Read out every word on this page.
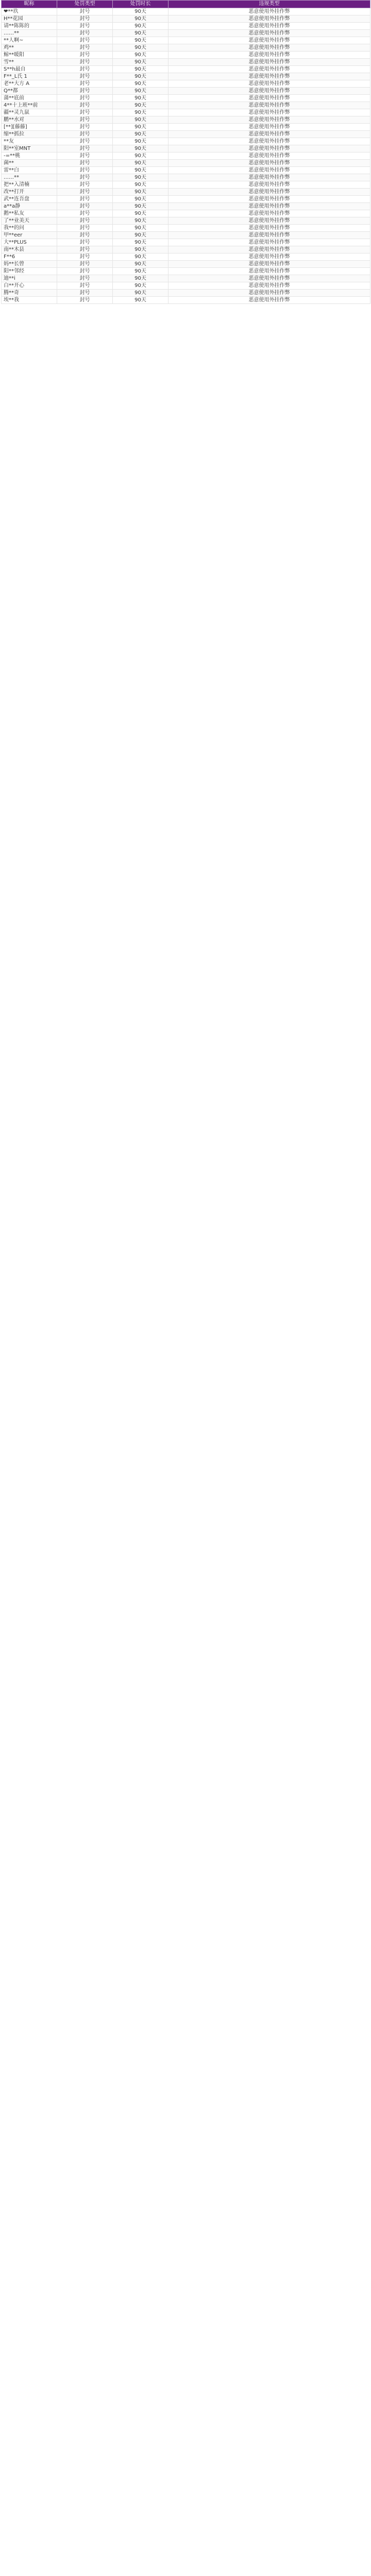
昵称	处罚类型	处罚时长	违规类型
❤**玖	封号	90天	恶意使用外挂作弊
H**花园	封号	90天	恶意使用外挂作弊
请**陈陈的	封号	90天	恶意使用外挂作弊
……**	封号	90天	恶意使用外挂作弊
**人啊~	封号	90天	恶意使用外挂作弊
鸡**	封号	90天	恶意使用外挂作弊
鲸**暖阳	封号	90天	恶意使用外挂作弊
雪**	封号	90天	恶意使用外挂作弊
S**h最自	封号	90天	恶意使用外挂作弊
F**_L氏 1	封号	90天	恶意使用外挂作弊
老**大方 A	封号	90天	恶意使用外挂作弊
Q**都	封号	90天	恶意使用外挂作弊
蒲**底前	封号	90天	恶意使用外挂作弊
4**十上班**前	封号	90天	恶意使用外挂作弊
疆**灵九鼠	封号	90天	恶意使用外挂作弊
鹏**水对	封号	90天	恶意使用外挂作弊
[**][藤藤]	封号	90天	恶意使用外挂作弊
缩**抓拉	封号	90天	恶意使用外挂作弊
**友	封号	90天	恶意使用外挂作弊
阳**室MNT	封号	90天	恶意使用外挂作弊
-=**桃	封号	90天	恶意使用外挂作弊
菌**	封号	90天	恶意使用外挂作弊
雷**白	封号	90天	恶意使用外挂作弊
……**	封号	90天	恶意使用外挂作弊
把**入清楠	封号	90天	恶意使用外挂作弊
改**打开	封号	90天	恶意使用外挂作弊
武**连吾盘	封号	90天	恶意使用外挂作弊
a**a静	封号	90天	恶意使用外挂作弊
鹅**私友	封号	90天	恶意使用外挂作弊
了**业美天	封号	90天	恶意使用外挂作弊
我**的问	封号	90天	恶意使用外挂作弊
甲**eer	封号	90天	恶意使用外挂作弊
大**PLUS	封号	90天	恶意使用外挂作弊
南**木县	封号	90天	恶意使用外挂作弊
F**6	封号	90天	恶意使用外挂作弊
妈**长曾	封号	90天	恶意使用外挂作弊
阳**邻经	封号	90天	恶意使用外挂作弊
迪**i	封号	90天	恶意使用外挂作弊
白**开心	封号	90天	恶意使用外挂作弊
腾**奇	封号	90天	恶意使用外挂作弊
埃**我	封号	90天	恶意使用外挂作弊
